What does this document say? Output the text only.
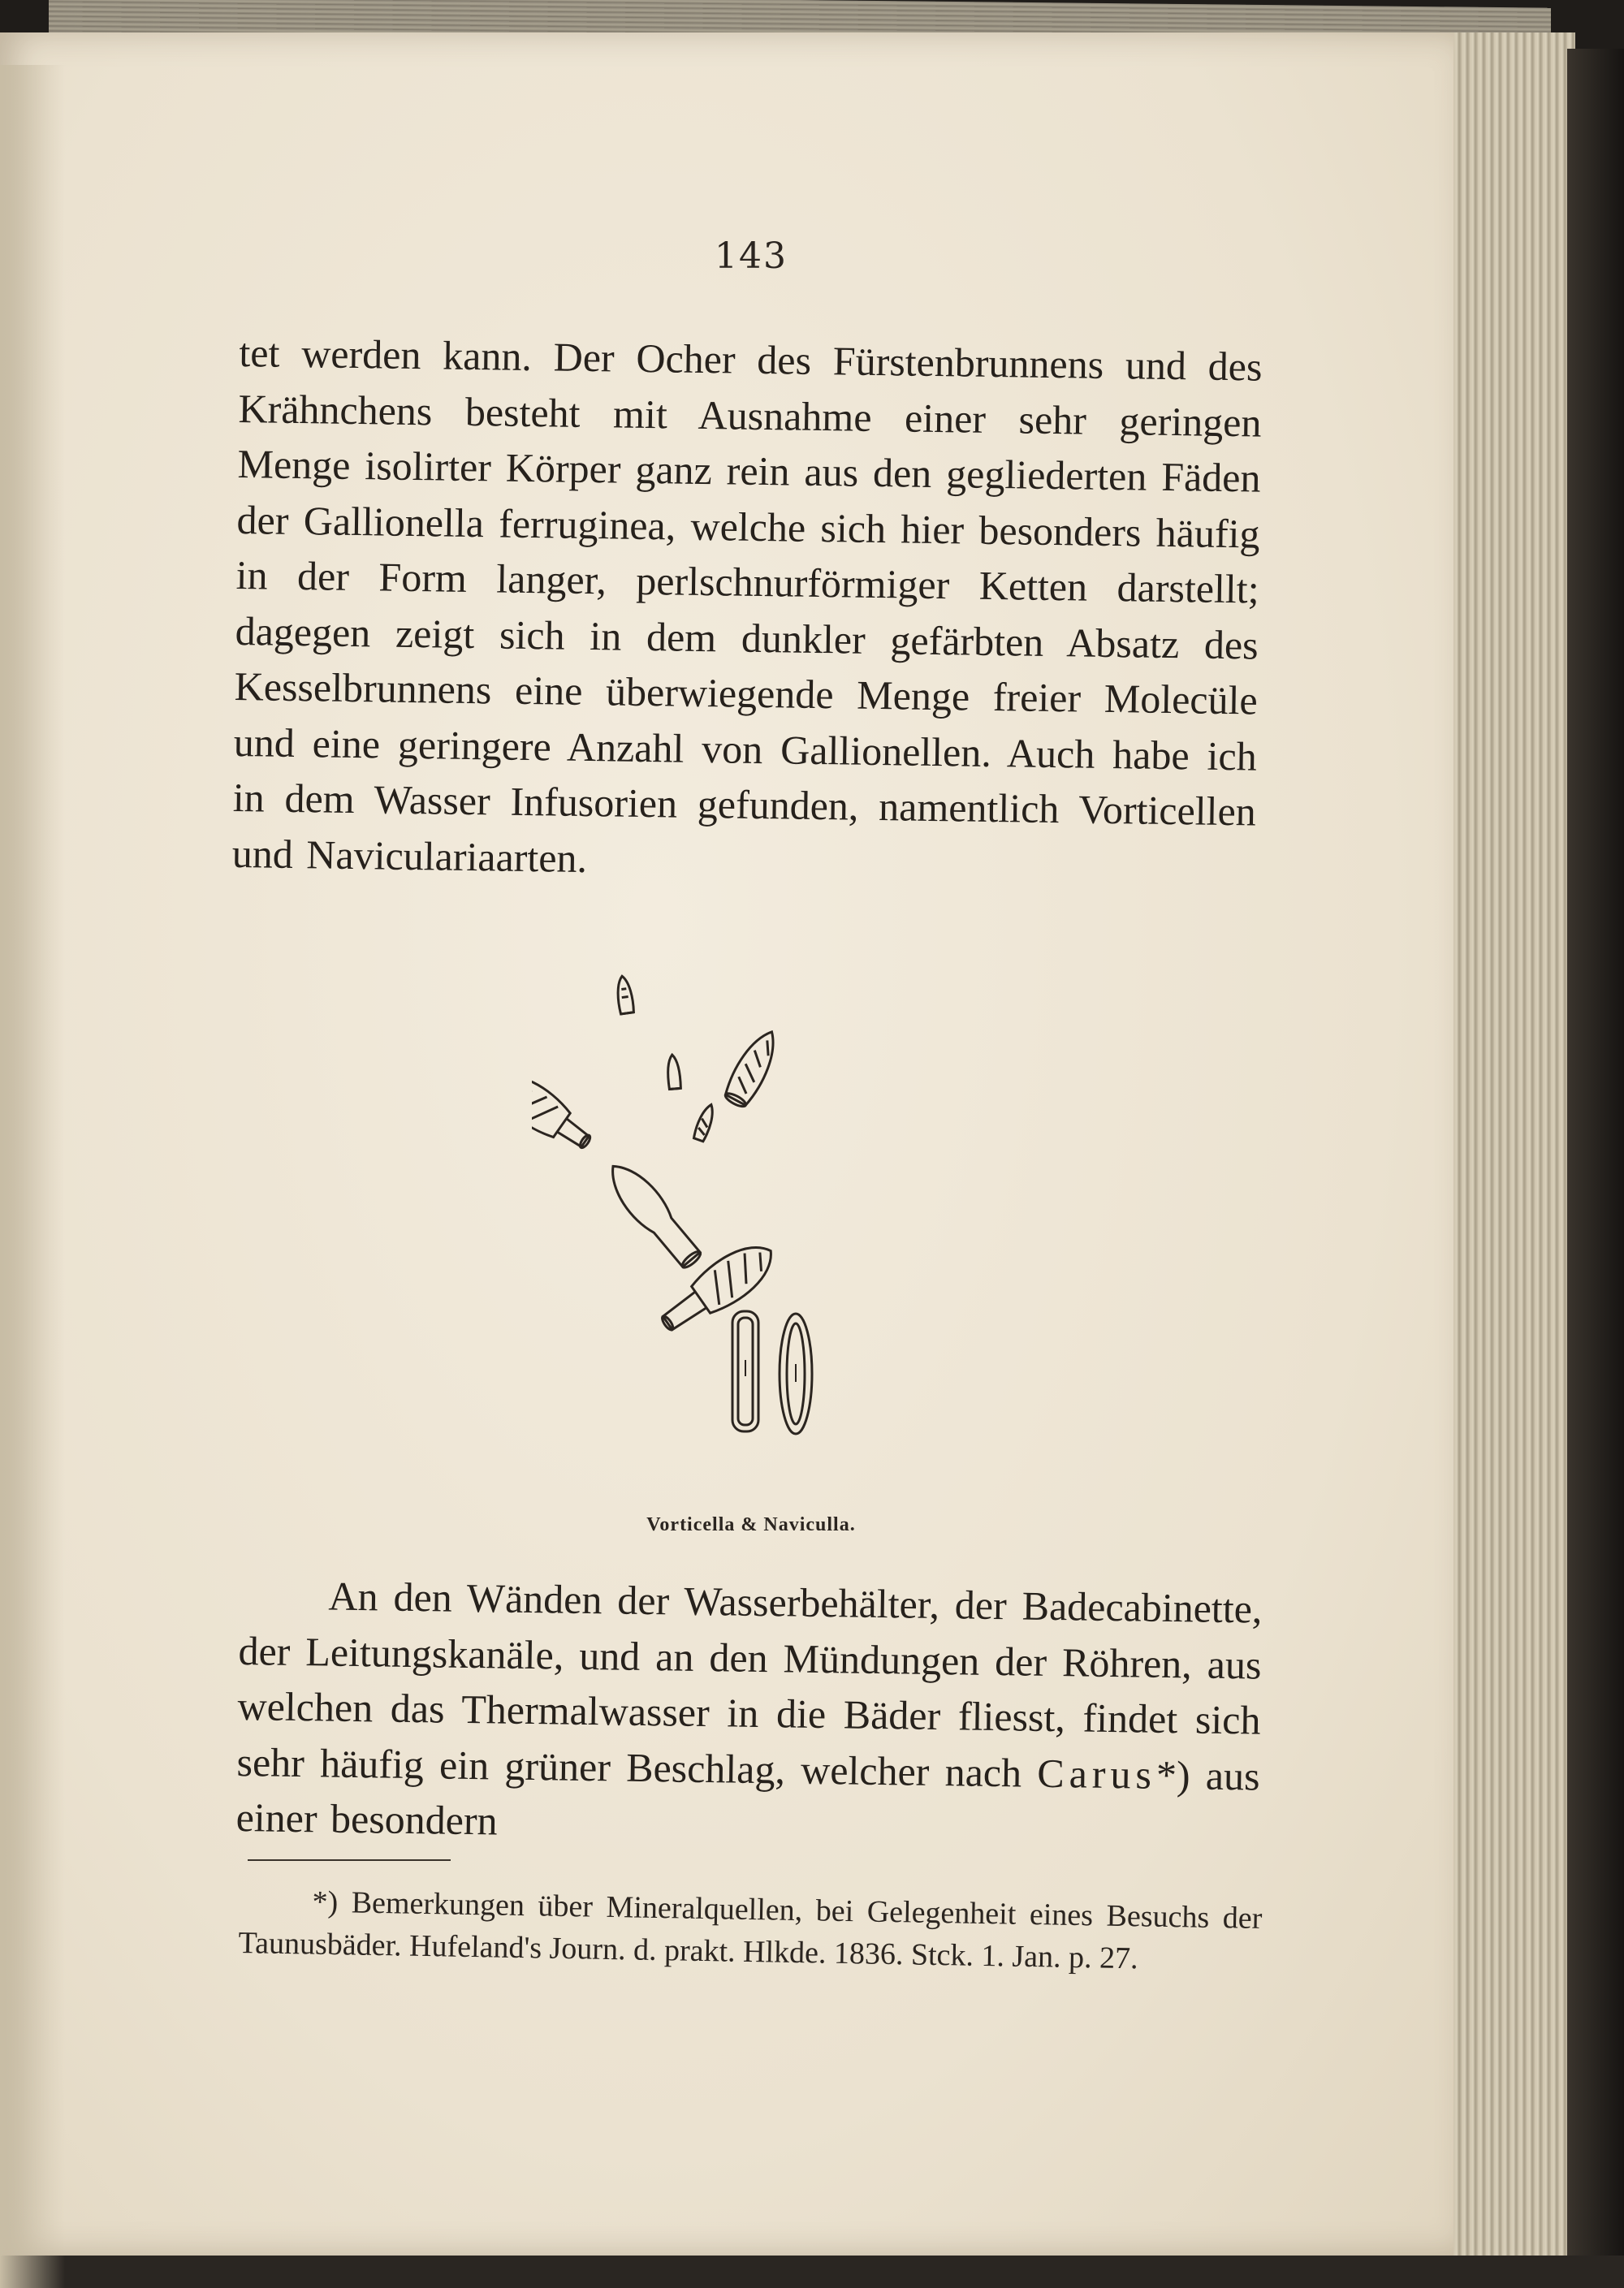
143
tet werden kann. Der Ocher des Fürstenbrunnens und des Krähnchens besteht mit Ausnahme einer sehr geringen Menge isolirter Körper ganz rein aus den gegliederten Fäden der Gallionella ferruginea, welche sich hier besonders häufig in der Form langer, perlschnurförmiger Ketten darstellt; dagegen zeigt sich in dem dunkler gefärbten Absatz des Kesselbrunnens eine überwiegende Menge freier Molecüle und eine geringere Anzahl von Gallionellen. Auch habe ich in dem Wasser Infusorien gefunden, namentlich Vorticellen und Naviculariaarten.
Vorticella & Naviculla.
An den Wänden der Wasserbehälter, der Badecabinette, der Leitungskanäle, und an den Mündungen der Röhren, aus welchen das Thermalwasser in die Bäder fliesst, findet sich sehr häufig ein grüner Beschlag, welcher nach Carus*) aus einer besondern
*) Bemerkungen über Mineralquellen, bei Gelegenheit eines Besuchs der Taunusbäder. Hufeland's Journ. d. prakt. Hlkde. 1836. Stck. 1. Jan. p. 27.
